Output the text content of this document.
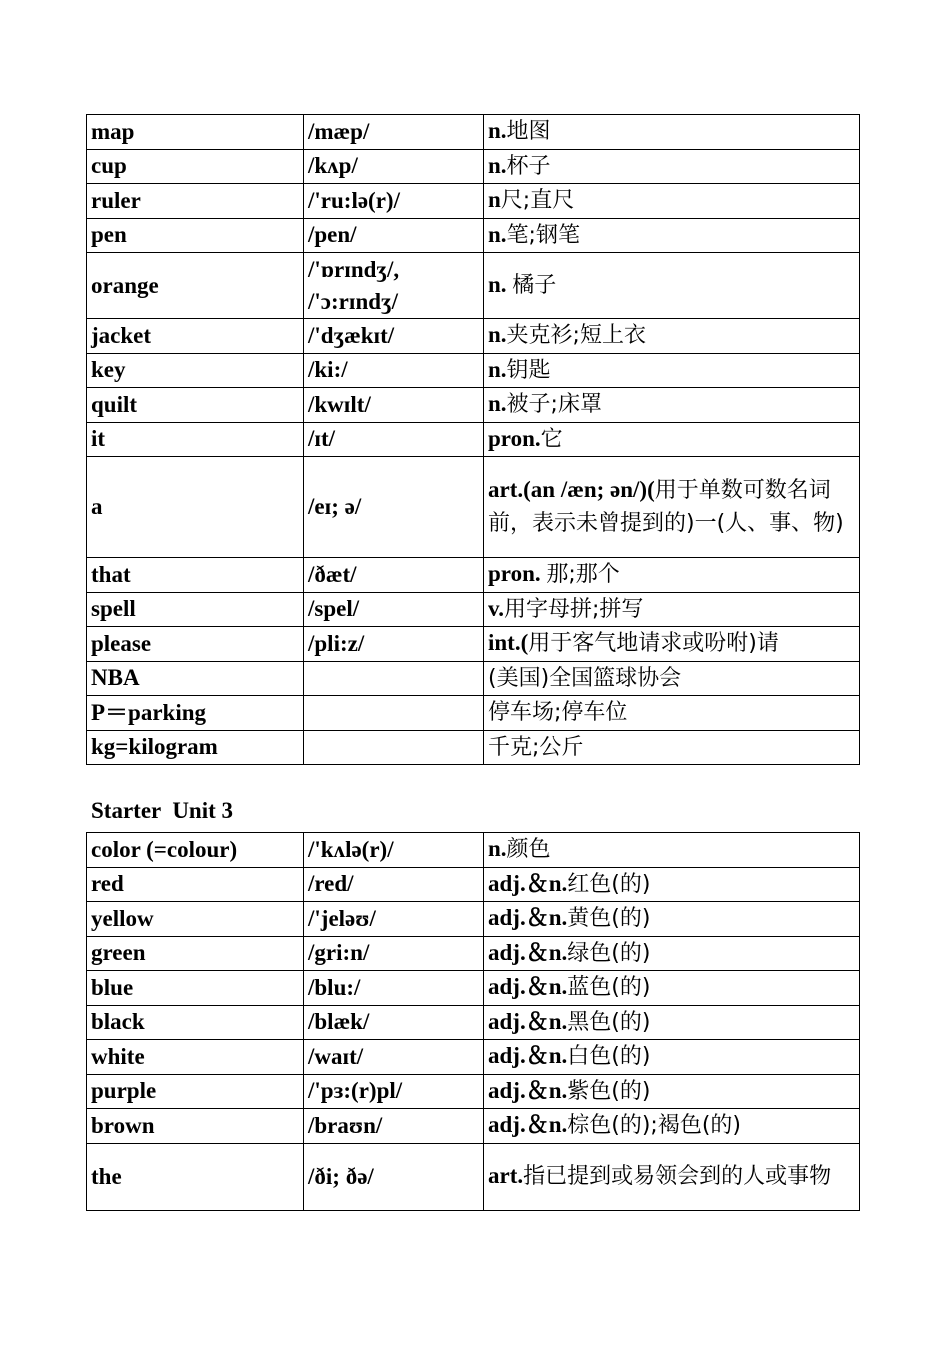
map	/mæp/	n.地图
cup	/kʌp/	n.杯子
ruler	/'ru:lə(r)/	n尺;直尺
pen	/pen/	n.笔;钢笔
orange	/'ɒrɪndʒ/, /'ɔ:rɪndʒ/	n. 橘子
jacket	/'dʒækɪt/	n.夹克衫;短上衣
key	/ki:/	n.钥匙
quilt	/kwɪlt/	n.被子;床罩
it	/ɪt/	pron.它
a	/eɪ; ə/	art.(an /æn; ən/)(用于单数可数名词前，表示未曾提到的)一(人、事、物)
that	/ðæt/	pron. 那;那个
spell	/spel/	v.用字母拼;拼写
please	/pli:z/	int.(用于客气地请求或吩咐)请
NBA		(美国)全国篮球协会
P＝parking		停车场;停车位
kg=kilogram		千克;公斤
Starter  Unit 3
color (=colour)	/'kʌlə(r)/	n.颜色
red	/red/	adj.＆n.红色(的)
yellow	/'jeləʊ/	adj.＆n.黄色(的)
green	/gri:n/	adj.＆n.绿色(的)
blue	/blu:/	adj.＆n.蓝色(的)
black	/blæk/	adj.＆n.黑色(的)
white	/waɪt/	adj.＆n.白色(的)
purple	/'pɜ:(r)pl/	adj.＆n.紫色(的)
brown	/braʊn/	adj.＆n.棕色(的);褐色(的)
the	/ði; ðə/	art.指已提到或易领会到的人或事物
